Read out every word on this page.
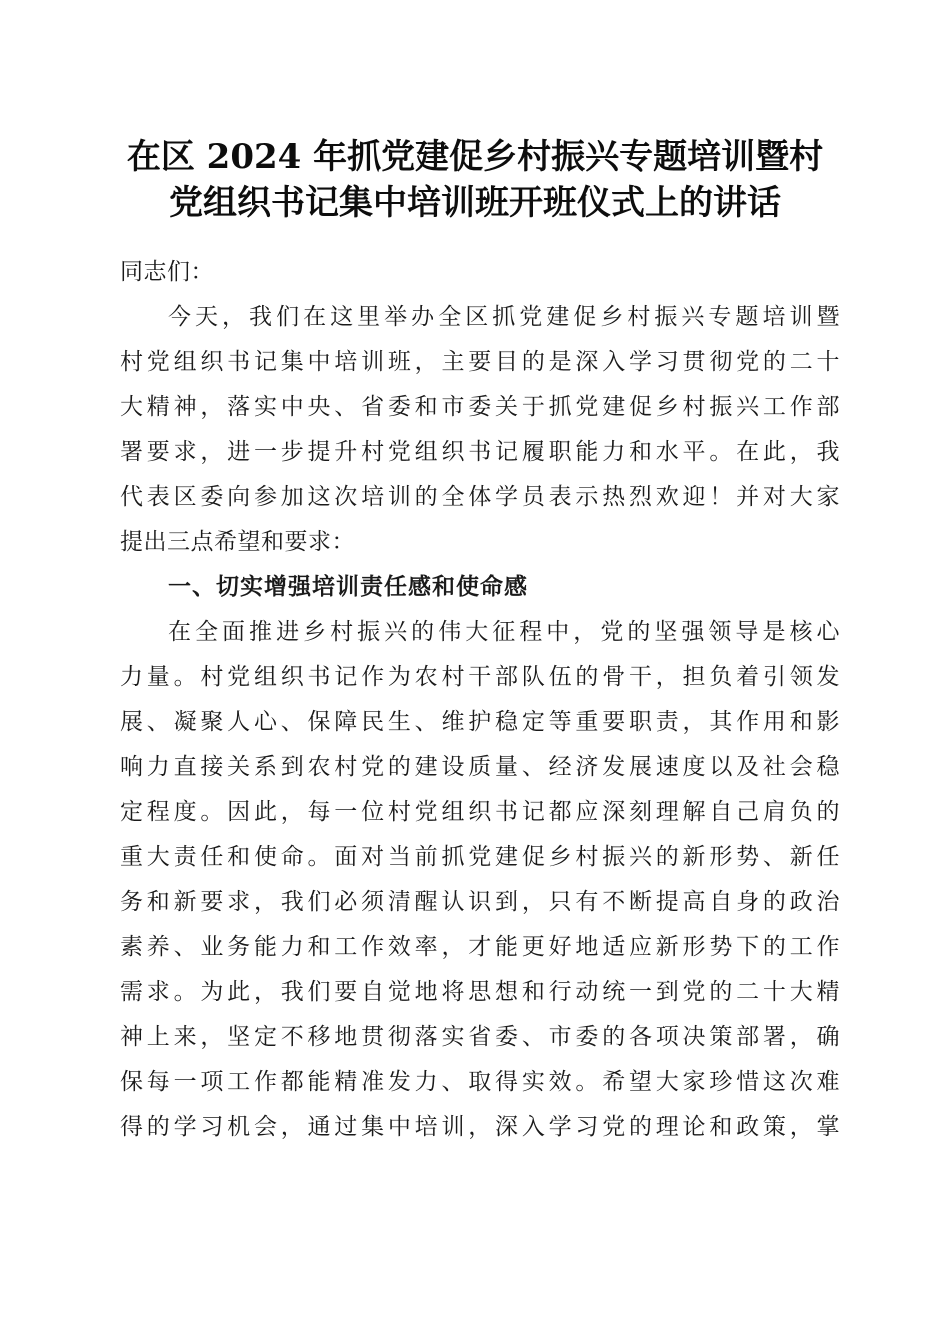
在区 2024 年抓党建促乡村振兴专题培训暨村
党组织书记集中培训班开班仪式上的讲话
同志们：
今天，我们在这里举办全区抓党建促乡村振兴专题培训暨
村党组织书记集中培训班，主要目的是深入学习贯彻党的二十
大精神，落实中央、省委和市委关于抓党建促乡村振兴工作部
署要求，进一步提升村党组织书记履职能力和水平。在此，我
代表区委向参加这次培训的全体学员表示热烈欢迎！并对大家
提出三点希望和要求：
一、切实增强培训责任感和使命感
在全面推进乡村振兴的伟大征程中，党的坚强领导是核心
力量。村党组织书记作为农村干部队伍的骨干，担负着引领发
展、凝聚人心、保障民生、维护稳定等重要职责，其作用和影
响力直接关系到农村党的建设质量、经济发展速度以及社会稳
定程度。因此，每一位村党组织书记都应深刻理解自己肩负的
重大责任和使命。面对当前抓党建促乡村振兴的新形势、新任
务和新要求，我们必须清醒认识到，只有不断提高自身的政治
素养、业务能力和工作效率，才能更好地适应新形势下的工作
需求。为此，我们要自觉地将思想和行动统一到党的二十大精
神上来，坚定不移地贯彻落实省委、市委的各项决策部署，确
保每一项工作都能精准发力、取得实效。希望大家珍惜这次难
得的学习机会，通过集中培训，深入学习党的理论和政策，掌
